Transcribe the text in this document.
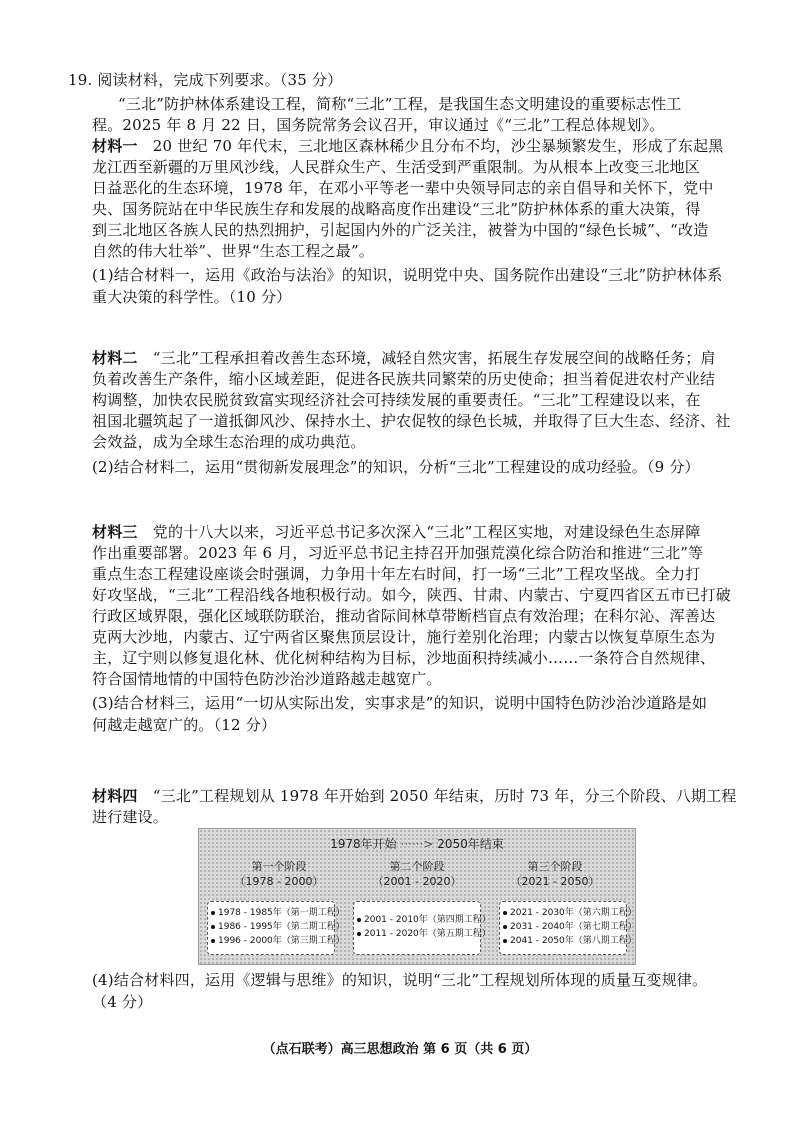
19. 阅读材料，完成下列要求。（35 分）
“三北”防护林体系建设工程，简称“三北”工程，是我国生态文明建设的重要标志性工
程。2025 年 8 月 22 日，国务院常务会议召开，审议通过《“三北”工程总体规划》。
材料一　20 世纪 70 年代末，三北地区森林稀少且分布不均，沙尘暴频繁发生，形成了东起黑
龙江西至新疆的万里风沙线，人民群众生产、生活受到严重限制。为从根本上改变三北地区
日益恶化的生态环境，1978 年，在邓小平等老一辈中央领导同志的亲自倡导和关怀下，党中
央、国务院站在中华民族生存和发展的战略高度作出建设“三北”防护林体系的重大决策，得
到三北地区各族人民的热烈拥护，引起国内外的广泛关注，被誉为中国的“绿色长城”、“改造
自然的伟大壮举”、世界“生态工程之最”。
(1)结合材料一，运用《政治与法治》的知识，说明党中央、国务院作出建设“三北”防护林体系
重大决策的科学性。（10 分）
材料二　“三北”工程承担着改善生态环境，减轻自然灾害，拓展生存发展空间的战略任务；肩
负着改善生产条件，缩小区域差距，促进各民族共同繁荣的历史使命；担当着促进农村产业结
构调整，加快农民脱贫致富实现经济社会可持续发展的重要责任。“三北”工程建设以来，在
祖国北疆筑起了一道抵御风沙、保持水土、护农促牧的绿色长城，并取得了巨大生态、经济、社
会效益，成为全球生态治理的成功典范。
(2)结合材料二，运用“贯彻新发展理念”的知识，分析“三北”工程建设的成功经验。（9 分）
材料三　党的十八大以来，习近平总书记多次深入“三北”工程区实地，对建设绿色生态屏障
作出重要部署。2023 年 6 月，习近平总书记主持召开加强荒漠化综合防治和推进“三北”等
重点生态工程建设座谈会时强调，力争用十年左右时间，打一场“三北”工程攻坚战。全力打
好攻坚战，“三北”工程沿线各地积极行动。如今，陕西、甘肃、内蒙古、宁夏四省区五市已打破
行政区域界限，强化区域联防联治，推动省际间林草带断档盲点有效治理；在科尔沁、浑善达
克两大沙地，内蒙古、辽宁两省区聚焦顶层设计，施行差别化治理；内蒙古以恢复草原生态为
主，辽宁则以修复退化林、优化树种结构为目标，沙地面积持续减小……一条符合自然规律、
符合国情地情的中国特色防沙治沙道路越走越宽广。
(3)结合材料三，运用“一切从实际出发，实事求是”的知识，说明中国特色防沙治沙道路是如
何越走越宽广的。（12 分）
材料四　“三北”工程规划从 1978 年开始到 2050 年结束，历时 73 年，分三个阶段、八期工程
进行建设。
1978年开始 ······> 2050年结束
第一个阶段
（1978 - 2000）
第二个阶段
（2001 - 2020）
第三个阶段
（2021 - 2050）
1978 - 1985年（第一期工程）
1986 - 1995年（第二期工程）
1996 - 2000年（第三期工程）
2001 - 2010年（第四期工程）
2011 - 2020年（第五期工程）
2021 - 2030年（第六期工程）
2031 - 2040年（第七期工程）
2041 - 2050年（第八期工程）
(4)结合材料四，运用《逻辑与思维》的知识，说明“三北”工程规划所体现的质量互变规律。
（4 分）
（点石联考）高三思想政治 第 6 页（共 6 页）
